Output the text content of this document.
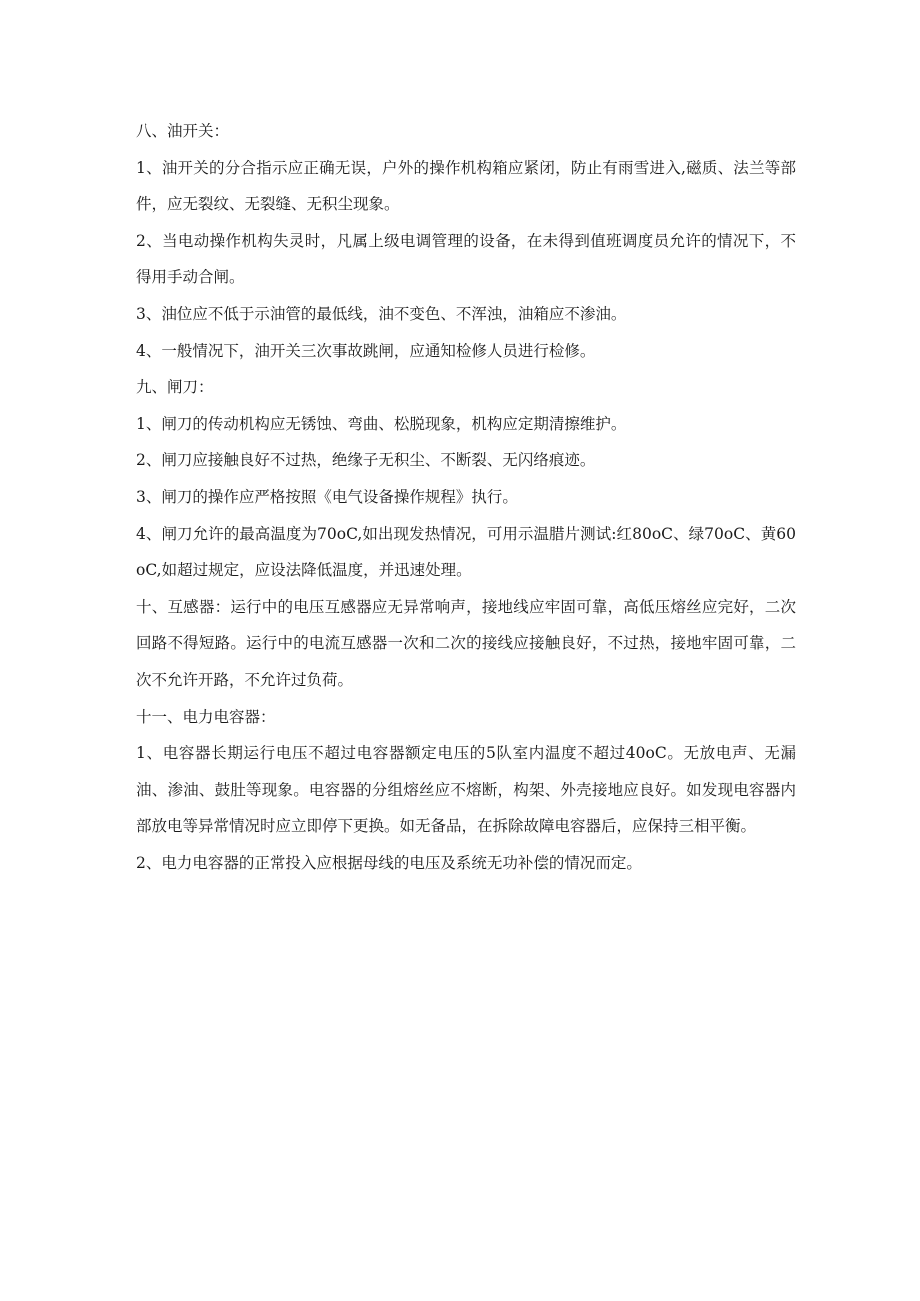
八、油开关：

1、油开关的分合指示应正确无误，户外的操作机构箱应紧闭，防止有雨雪进入,磁质、法兰等部件，应无裂纹、无裂缝、无积尘现象。

2、当电动操作机构失灵时，凡属上级电调管理的设备，在未得到值班调度员允许的情况下，不得用手动合闸。

3、油位应不低于示油管的最低线，油不变色、不浑浊，油箱应不渗油。

4、一般情况下，油开关三次事故跳闸，应通知检修人员进行检修。

九、闸刀：

1、闸刀的传动机构应无锈蚀、弯曲、松脱现象，机构应定期清擦维护。

2、闸刀应接触良好不过热，绝缘子无积尘、不断裂、无闪络痕迹。

3、闸刀的操作应严格按照《电气设备操作规程》执行。

4、闸刀允许的最高温度为70oC,如出现发热情况，可用示温腊片测试:红80oC、绿70oC、黄60oC,如超过规定，应设法降低温度，并迅速处理。

十、互感器：运行中的电压互感器应无异常响声，接地线应牢固可靠，高低压熔丝应完好，二次回路不得短路。运行中的电流互感器一次和二次的接线应接触良好，不过热，接地牢固可靠，二次不允许开路，不允许过负荷。

十一、电力电容器：

1、电容器长期运行电压不超过电容器额定电压的5队室内温度不超过40oC。无放电声、无漏油、渗油、鼓肚等现象。电容器的分组熔丝应不熔断，构架、外壳接地应良好。如发现电容器内部放电等异常情况时应立即停下更换。如无备品，在拆除故障电容器后，应保持三相平衡。

2、电力电容器的正常投入应根据母线的电压及系统无功补偿的情况而定。
